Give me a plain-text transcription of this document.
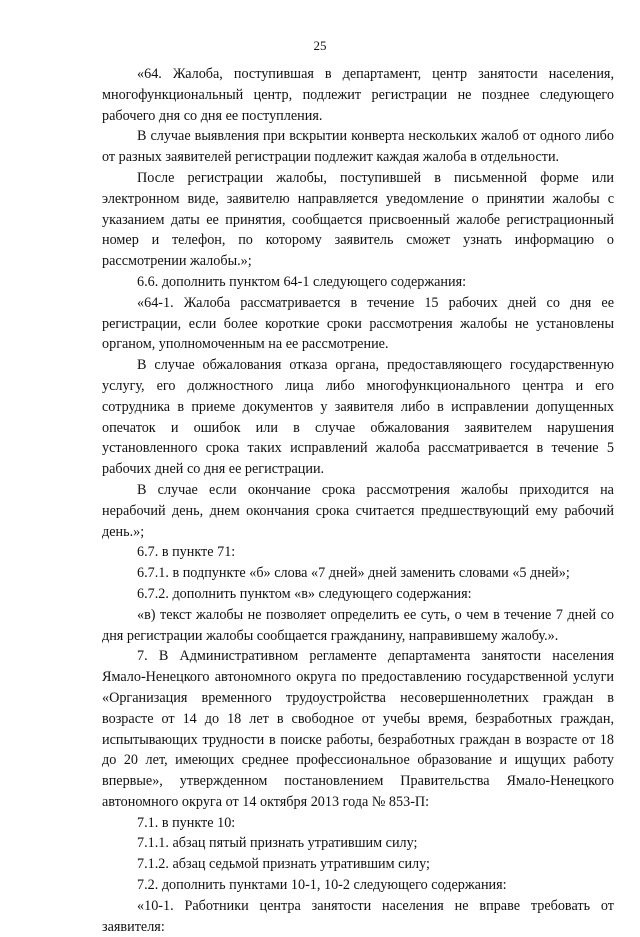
25

«64. Жалоба, поступившая в департамент, центр занятости населения, многофункциональный центр, подлежит регистрации не позднее следующего рабочего дня со дня ее поступления.

В случае выявления при вскрытии конверта нескольких жалоб от одного либо от разных заявителей регистрации подлежит каждая жалоба в отдельности.

После регистрации жалобы, поступившей в письменной форме или электронном виде, заявителю направляется уведомление о принятии жалобы с указанием даты ее принятия, сообщается присвоенный жалобе регистрационный номер и телефон, по которому заявитель сможет узнать информацию о рассмотрении жалобы.»;

6.6. дополнить пунктом 64-1 следующего содержания:

«64-1. Жалоба рассматривается в течение 15 рабочих дней со дня ее регистрации, если более короткие сроки рассмотрения жалобы не установлены органом, уполномоченным на ее рассмотрение.

В случае обжалования отказа органа, предоставляющего государственную услугу, его должностного лица либо многофункционального центра и его сотрудника в приеме документов у заявителя либо в исправлении допущенных опечаток и ошибок или в случае обжалования заявителем нарушения установленного срока таких исправлений жалоба рассматривается в течение 5 рабочих дней со дня ее регистрации.

В случае если окончание срока рассмотрения жалобы приходится на нерабочий день, днем окончания срока считается предшествующий ему рабочий день.»;

6.7. в пункте 71:

6.7.1. в подпункте «б» слова «7 дней» дней заменить словами «5 дней»;

6.7.2. дополнить пунктом «в» следующего содержания:

«в) текст жалобы не позволяет определить ее суть, о чем в течение 7 дней со дня регистрации жалобы сообщается гражданину, направившему жалобу.».

7. В Административном регламенте департамента занятости населения Ямало-Ненецкого автономного округа по предоставлению государственной услуги «Организация временного трудоустройства несовершеннолетних граждан в возрасте от 14 до 18 лет в свободное от учебы время, безработных граждан, испытывающих трудности в поиске работы, безработных граждан в возрасте от 18 до 20 лет, имеющих среднее профессиональное образование и ищущих работу впервые», утвержденном постановлением Правительства Ямало-Ненецкого автономного округа от 14 октября 2013 года № 853-П:

7.1. в пункте 10:

7.1.1. абзац пятый признать утратившим силу;

7.1.2. абзац седьмой признать утратившим силу;

7.2. дополнить пунктами 10-1, 10-2 следующего содержания:

«10-1. Работники центра занятости населения не вправе требовать от заявителя:
